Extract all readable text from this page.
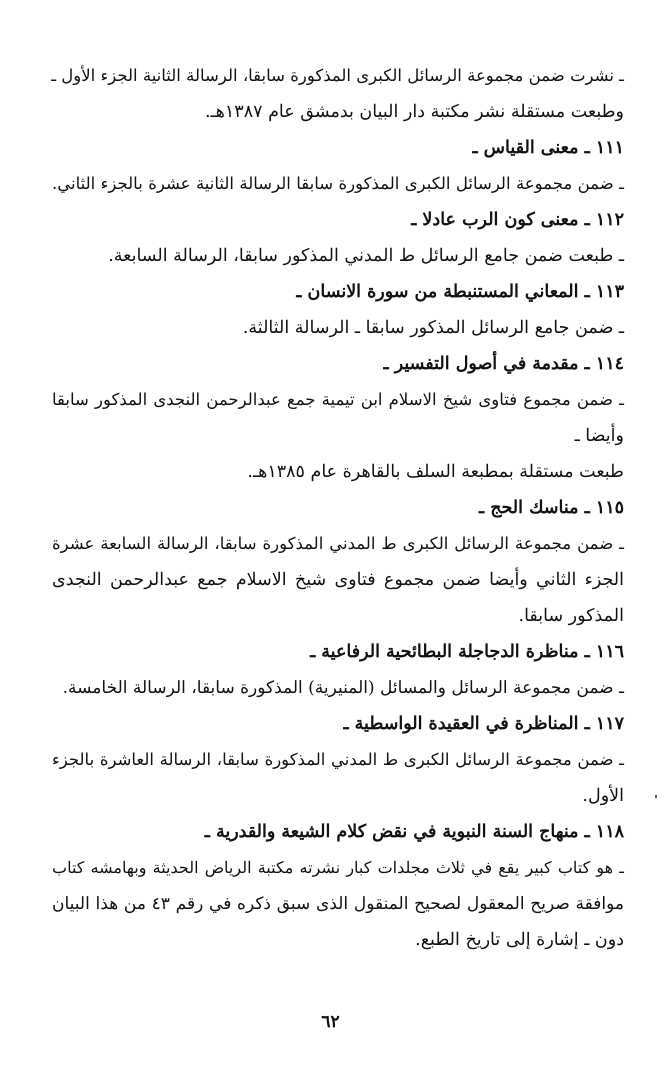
ـ نشرت ضمن مجموعة الرسائل الكبرى المذكورة سابقا، الرسالة الثانية الجزء الأول ـ
وطبعت مستقلة نشر مكتبة دار البيان بدمشق عام ١٣٨٧هـ.
١١١ ـ معنى القياس ـ
ـ ضمن مجموعة الرسائل الكبرى المذكورة سابقا الرسالة الثانية عشرة بالجزء الثاني.
١١٢ ـ معنى كون الرب عادلا ـ
ـ طبعت ضمن جامع الرسائل ط المدني المذكور سابقا، الرسالة السابعة.
١١٣ ـ المعاني المستنبطة من سورة الانسان ـ
ـ ضمن جامع الرسائل المذكور سابقا ـ الرسالة الثالثة.
١١٤ ـ مقدمة في أصول التفسير ـ
ـ ضمن مجموع فتاوى شيخ الاسلام ابن تيمية جمع عبدالرحمن النجدى المذكور سابقا
وأيضا ـ
طبعت مستقلة بمطبعة السلف بالقاهرة عام ١٣٨٥هـ.
١١٥ ـ مناسك الحج ـ
ـ ضمن مجموعة الرسائل الكبرى ط المدني المذكورة سابقا، الرسالة السابعة عشرة
الجزء الثاني وأيضا ضمن مجموع فتاوى شيخ الاسلام جمع عبدالرحمن النجدى
المذكور سابقا.
١١٦ ـ مناظرة الدجاجلة البطائحية الرفاعية ـ
ـ ضمن مجموعة الرسائل والمسائل (المنيرية) المذكورة سابقا، الرسالة الخامسة.
١١٧ ـ المناظرة في العقيدة الواسطية ـ
ـ ضمن مجموعة الرسائل الكبرى ط المدني المذكورة سابقا، الرسالة العاشرة بالجزء
الأول.
١١٨ ـ منهاج السنة النبوية في نقض كلام الشيعة والقدرية ـ
ـ هو كتاب كبير يقع في ثلاث مجلدات كبار نشرته مكتبة الرياض الحديثة وبهامشه كتاب
موافقة صريح المعقول لصحيح المنقول الذى سبق ذكره في رقم ٤٣ من هذا البيان
دون ـ إشارة إلى تاريخ الطبع.
٦٢
